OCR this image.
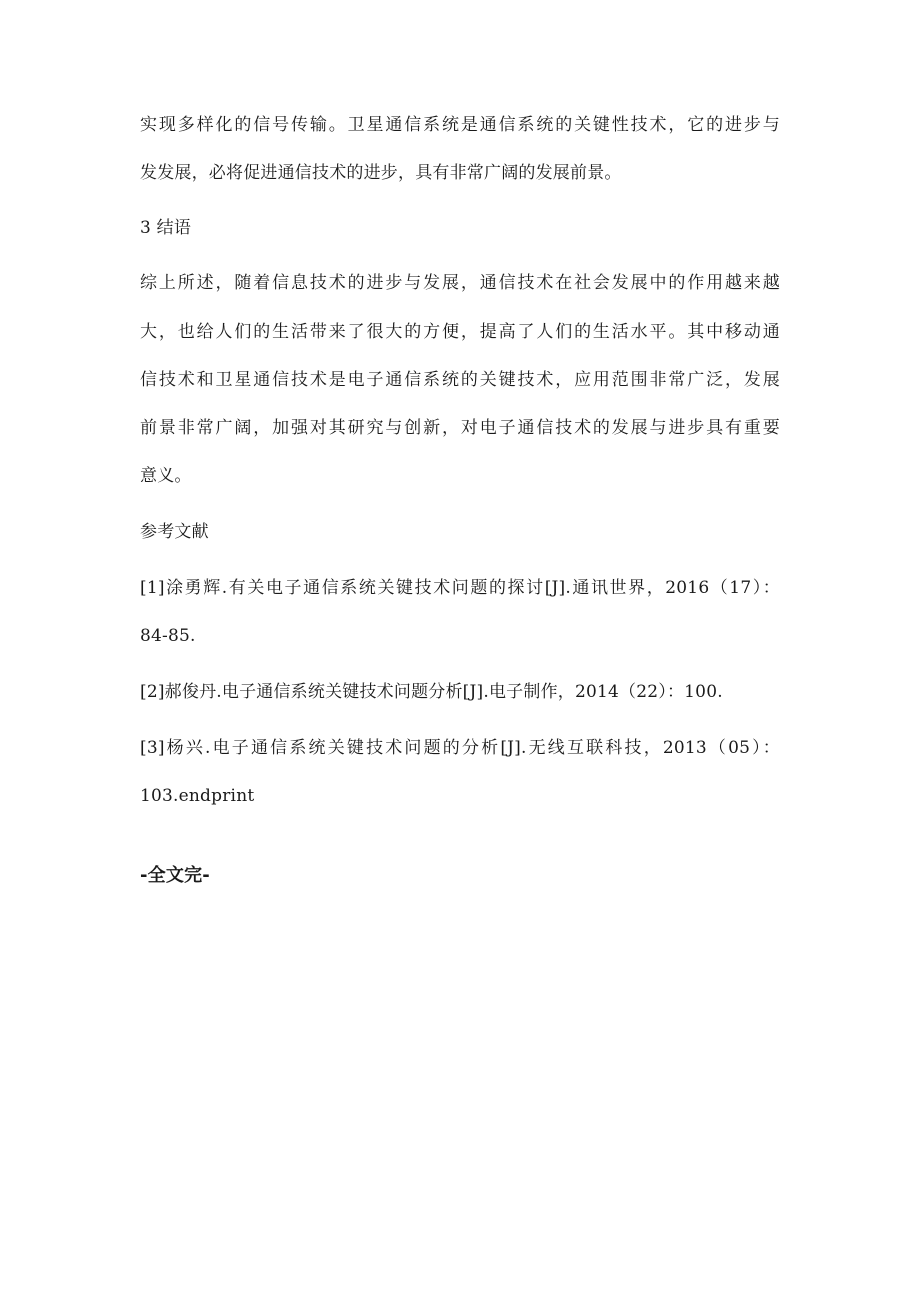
实现多样化的信号传输。卫星通信系统是通信系统的关键性技术，它的进步与
发发展，必将促进通信技术的进步，具有非常广阔的发展前景。
3 结语
综上所述，随着信息技术的进步与发展，通信技术在社会发展中的作用越来越
大，也给人们的生活带来了很大的方便，提高了人们的生活水平。其中移动通
信技术和卫星通信技术是电子通信系统的关键技术，应用范围非常广泛，发展
前景非常广阔，加强对其研究与创新，对电子通信技术的发展与进步具有重要
意义。
参考文献
[1]涂勇辉.有关电子通信系统关键技术问题的探讨[J].通讯世界，2016（17）：
84-85.
[2]郝俊丹.电子通信系统关键技术问题分析[J].电子制作，2014（22）：100.
[3]杨兴.电子通信系统关键技术问题的分析[J].无线互联科技，2013（05）：
103.endprint
-全文完-
